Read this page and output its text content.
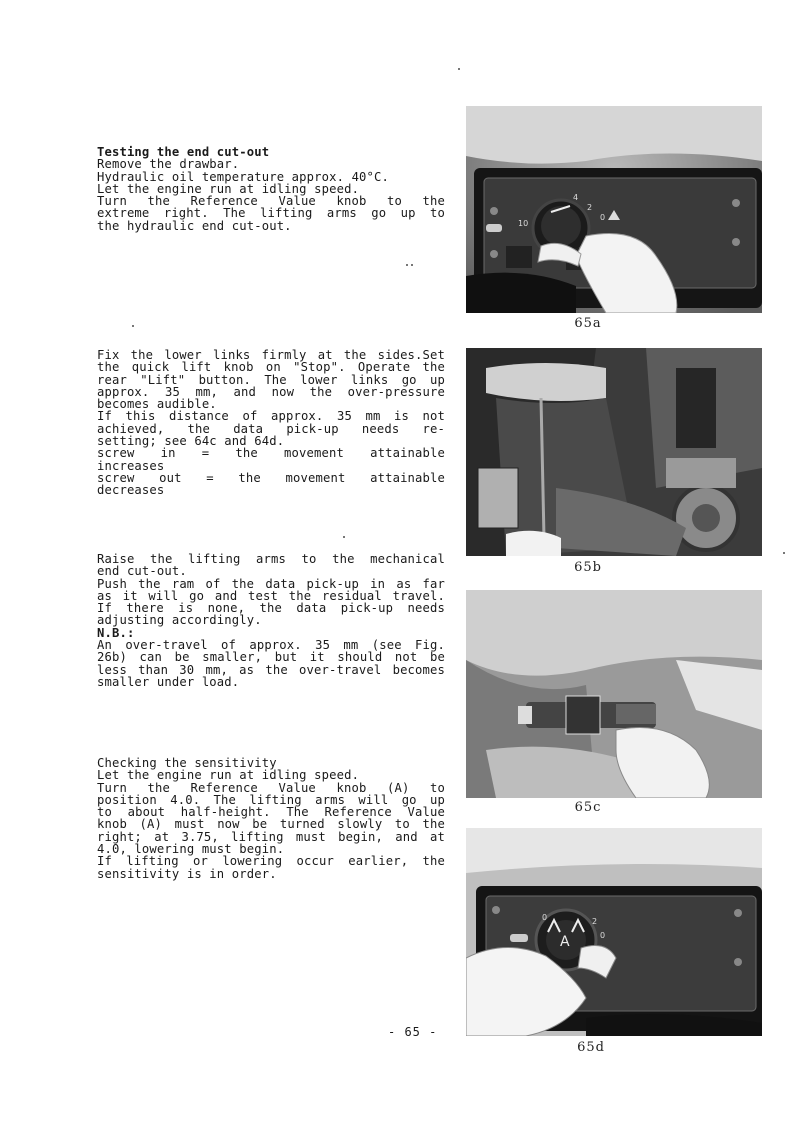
Testing the end cut-out

Remove the drawbar.

Hydraulic oil temperature approx. 40°C.

Let the engine run at idling speed.

Turn the Reference Value knob to the

extreme right. The lifting arms go up to

the hydraulic end cut-out.

Fix the lower links firmly at the sides.Set

the quick lift knob on "Stop". Operate the

rear "Lift" button. The lower links go up

approx. 35 mm, and now the over-pressure

becomes audible.

If this distance of approx. 35 mm is not

achieved, the data pick-up needs re-

setting; see 64c and 64d.

screw in = the movement attainable

increases

screw out = the movement attainable

decreases

Raise the lifting arms to the mechanical

end cut-out.

Push the ram of the data pick-up in as far

as it will go and test the residual travel.

If there is none, the data pick-up needs

adjusting accordingly.

N.B.:

An over-travel of approx. 35 mm (see Fig.

26b) can be smaller, but it should not be

less than 30 mm, as the over-travel becomes

smaller under load.

Checking the sensitivity

Let the engine run at idling speed.

Turn the Reference Value knob (A) to

position 4.0. The lifting arms will go up

to about half-height. The Reference Value

knob (A) must now be turned slowly to the

right; at 3.75, lifting must begin, and at

4.0, lowering must begin.

If lifting or lowering occur earlier, the

sensitivity is in order.

10
2
4
0
65a
65b
65c
A
0	2
0
65d
- 65 -
